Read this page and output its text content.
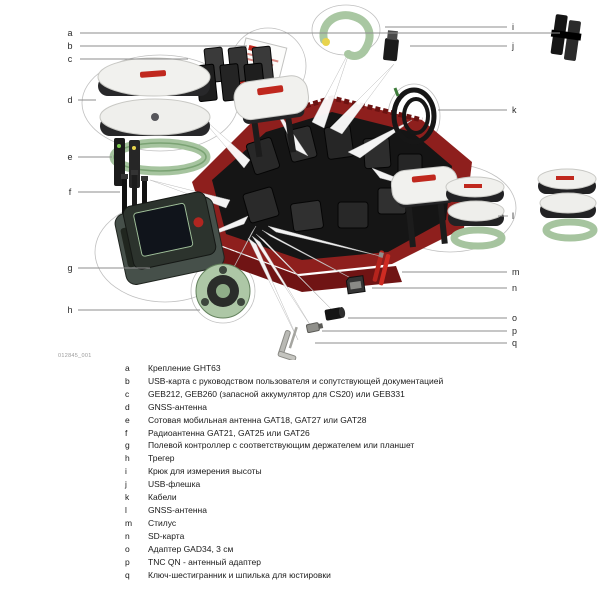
a
b
c
d
e
f
g
h
i
j
k
l
m
n
o
p
q
012845_001
a	Крепление GHT63
b	USB-карта с руководством пользователя и сопутствующей документацией
c	GEB212, GEB260 (запасной аккумулятор для CS20) или GEB331
d	GNSS-антенна
e	Сотовая мобильная антенна GAT18, GAT27 или GAT28
f	Радиоантенна GAT21, GAT25 или GAT26
g	Полевой контроллер с соответствующим держателем или планшет
h	Трегер
i	Крюк для измерения высоты
j	USB-флешка
k	Кабели
l	GNSS-антенна
m	Стилус
n	SD-карта
o	Адаптер GAD34, 3 см
p	TNC QN - антенный адаптер
q	Ключ-шестигранник и шпилька для юстировки
